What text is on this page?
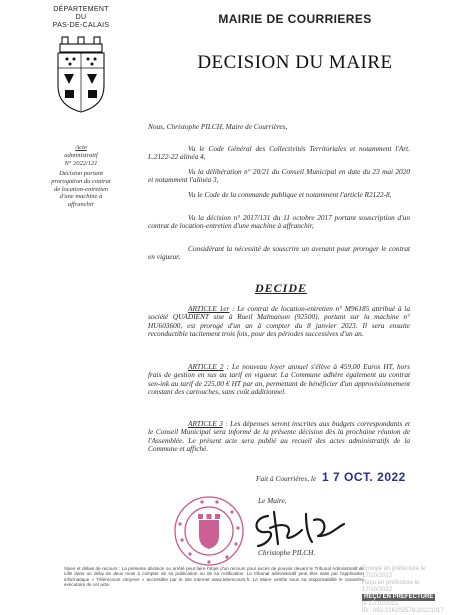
DÉPARTEMENT
DU
PAS-DE-CALAIS	MAIRIE DE COURRIERES
DECISION DU MAIRE
Acte
administratif
N° 2022/121
Décision portant
prorogation du contrat
de location-entretien
d'une machine à
affranchir
Nous, Christophe PILCH, Maire de Courrières,
Vu le Code Général des Collectivités Territoriales et notamment l'Art. L.2122-22 alinéa 4,
Vu la délibération n° 20/21 du Conseil Municipal en date du 23 mai 2020 et notamment l'alinéa 3,
Vu le Code de la commande publique et notamment l'article R2122-8,
Vu la décision n° 2017/131 du 11 octobre 2017 portant souscription d'un contrat de location-entretien d'une machine à affranchir,
Considérant la nécessité de souscrire un avenant pour proroger le contrat en vigueur,
DECIDE
ARTICLE 1er : Le contrat de location-entretien n° M96185 attribué à la société QUADIENT sise à Rueil Malmaison (92500), portant sur la machine n° HU603600, est prorogé d'un an à compter du 8 janvier 2023. Il sera ensuite reconductible tacitement trois fois, pour des périodes successives d'un an.
ARTICLE 2 : Le nouveau loyer annuel s'élève à 459,00 Euros HT, hors frais de gestion en sus au tarif en vigueur. La Commune adhère également au contrat sen-ink au tarif de 225,00 € HT par an, permettant de bénéficier d'un approvisionnement constant des cartouches, sans coût additionnel.
ARTICLE 3 : Les dépenses seront inscrites aux budgets correspondants et le Conseil Municipal sera informé de la présente décision dès la prochaine réunion de l'Assemblée. Le présent acte sera publié au recueil des actes administratifs de la Commune et affiché.
Fait à Courrières, le 1 7 OCT. 2022
Le Maire,
Christophe PILCH.
Voies et délais de recours : La présente décision ou arrêté peut faire l'objet d'un recours pour excès de pouvoir devant le Tribunal Administratif de Lille dans un délai de deux mois à compter de sa publication ou de sa notification. Le tribunal administratif peut être saisi par l'application informatique « Télérecours citoyens » accessible par le site internet www.telerecours.fr. Le Maire certifie sous sa responsabilité le caractère exécutoire de cet acte.
Envoyé en préfecture le 17/10/2022
Reçu en préfecture le 17/10/2022
REÇU EN PRÉFECTURE
le 17/10/2022
ID : 062-216202578-20221017
